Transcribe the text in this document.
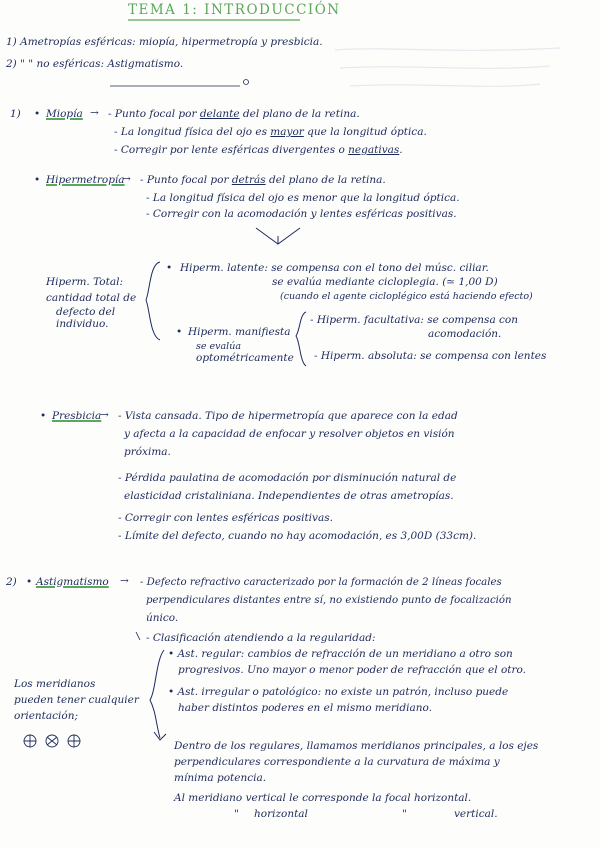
TEMA 1: INTRODUCCIÓN
1) Ametropías esféricas: miopía, hipermetropía y presbicia.
2) " " no esféricas: Astigmatismo.
1) • Miopía → - Punto focal por delante del plano de la retina.
- La longitud física del ojo es mayor que la longitud óptica.
- Corregir por lente esféricas divergentes o negativas.
• Hipermetropía
→ - Punto focal por detrás del plano de la retina.
- La longitud física del ojo es menor que la longitud óptica.
- Corregir con la acomodación y lentes esféricas positivas.
Hiperm. Total:
cantidad total de
defecto del
individuo.
• Hiperm. latente: se compensa con el tono del músc. ciliar.
se evalúa mediante cicloplegia. (≃ 1,00 D)
(cuando el agente cicloplégico está haciendo efecto)
• Hiperm. manifiesta
se evalúa
optométricamente
- Hiperm. facultativa: se compensa con
acomodación.
- Hiperm. absoluta: se compensa con lentes
• Presbicia
→ - Vista cansada. Tipo de hipermetropía que aparece con la edad
y afecta a la capacidad de enfocar y resolver objetos en visión
próxima.
- Pérdida paulatina de acomodación por disminución natural de
elasticidad cristaliniana. Independientes de otras ametropías.
- Corregir con lentes esféricas positivas.
- Límite del defecto, cuando no hay acomodación, es 3,00D (33cm).
2) • Astigmatismo → - Defecto refractivo caracterizado por la formación de 2 líneas focales
perpendiculares distantes entre sí, no existiendo punto de focalización
único.
- Clasificación atendiendo a la regularidad:
• Ast. regular: cambios de refracción de un meridiano a otro son
progresivos. Uno mayor o menor poder de refracción que el otro.
• Ast. irregular o patológico: no existe un patrón, incluso puede
haber distintos poderes en el mismo meridiano.
Dentro de los regulares, llamamos meridianos principales, a los ejes
perpendiculares correspondiente a la curvatura de máxima y
mínima potencia.
Al meridiano vertical le corresponde la focal horizontal.
" horizontal	"	vertical.
Los meridianos
pueden tener cualquier
orientación;
